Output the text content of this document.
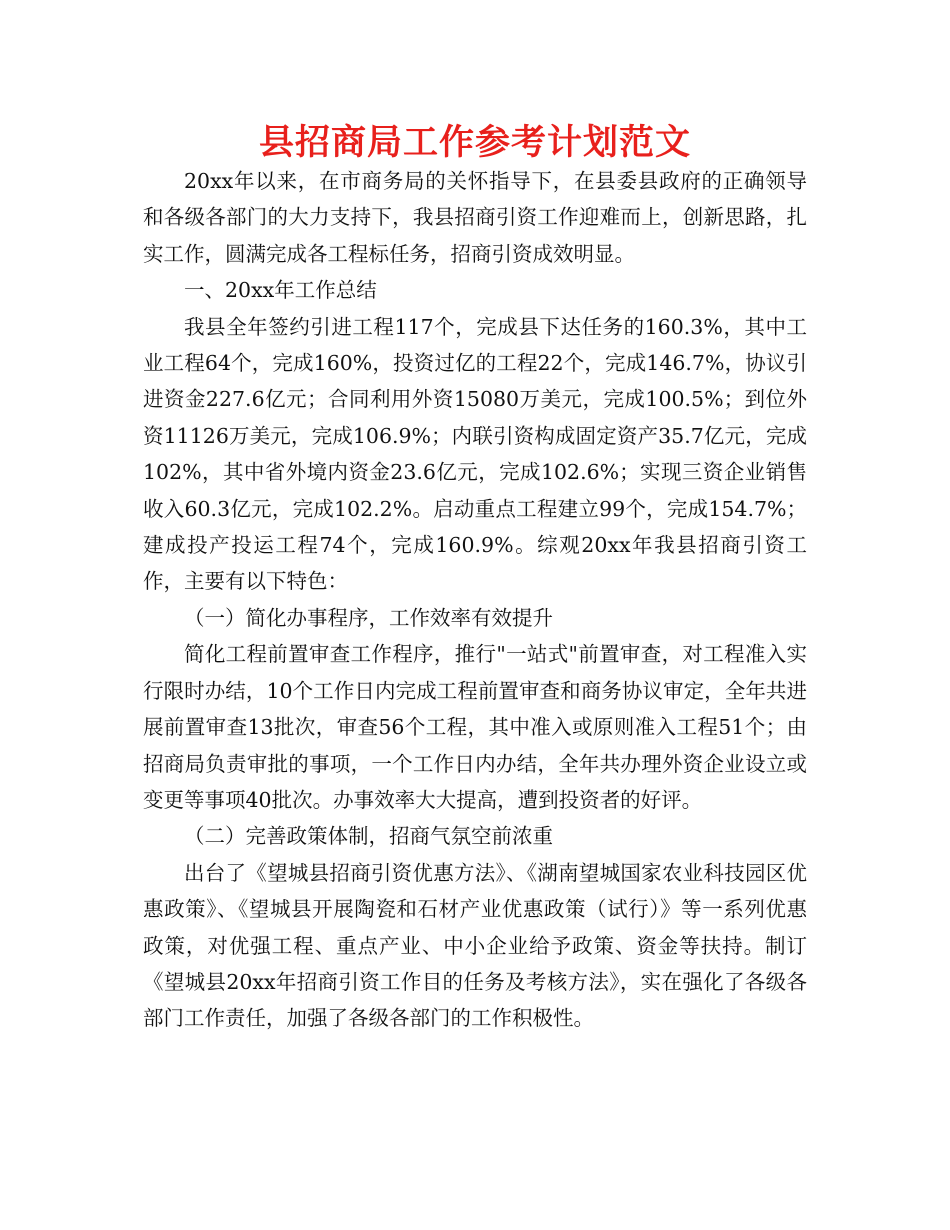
县招商局工作参考计划范文

20xx年以来，在市商务局的关怀指导下，在县委县政府的正确领导和各级各部门的大力支持下，我县招商引资工作迎难而上，创新思路，扎实工作，圆满完成各工程标任务，招商引资成效明显。

一、20xx年工作总结

我县全年签约引进工程117个，完成县下达任务的160.3%，其中工业工程64个，完成160%，投资过亿的工程22个，完成146.7%，协议引进资金227.6亿元；合同利用外资15080万美元，完成100.5%；到位外资11126万美元，完成106.9%；内联引资构成固定资产35.7亿元，完成102%，其中省外境内资金23.6亿元，完成102.6%；实现三资企业销售收入60.3亿元，完成102.2%。启动重点工程建立99个，完成154.7%；建成投产投运工程74个，完成160.9%。综观20xx年我县招商引资工作，主要有以下特色：

（一）简化办事程序，工作效率有效提升

简化工程前置审查工作程序，推行"一站式"前置审查，对工程准入实行限时办结，10个工作日内完成工程前置审查和商务协议审定，全年共进展前置审查13批次，审查56个工程，其中准入或原则准入工程51个；由招商局负责审批的事项，一个工作日内办结，全年共办理外资企业设立或变更等事项40批次。办事效率大大提高，遭到投资者的好评。

（二）完善政策体制，招商气氛空前浓重

出台了《望城县招商引资优惠方法》、《湖南望城国家农业科技园区优惠政策》、《望城县开展陶瓷和石材产业优惠政策（试行）》等一系列优惠政策，对优强工程、重点产业、中小企业给予政策、资金等扶持。制订《望城县20xx年招商引资工作目的任务及考核方法》，实在强化了各级各部门工作责任，加强了各级各部门的工作积极性。
